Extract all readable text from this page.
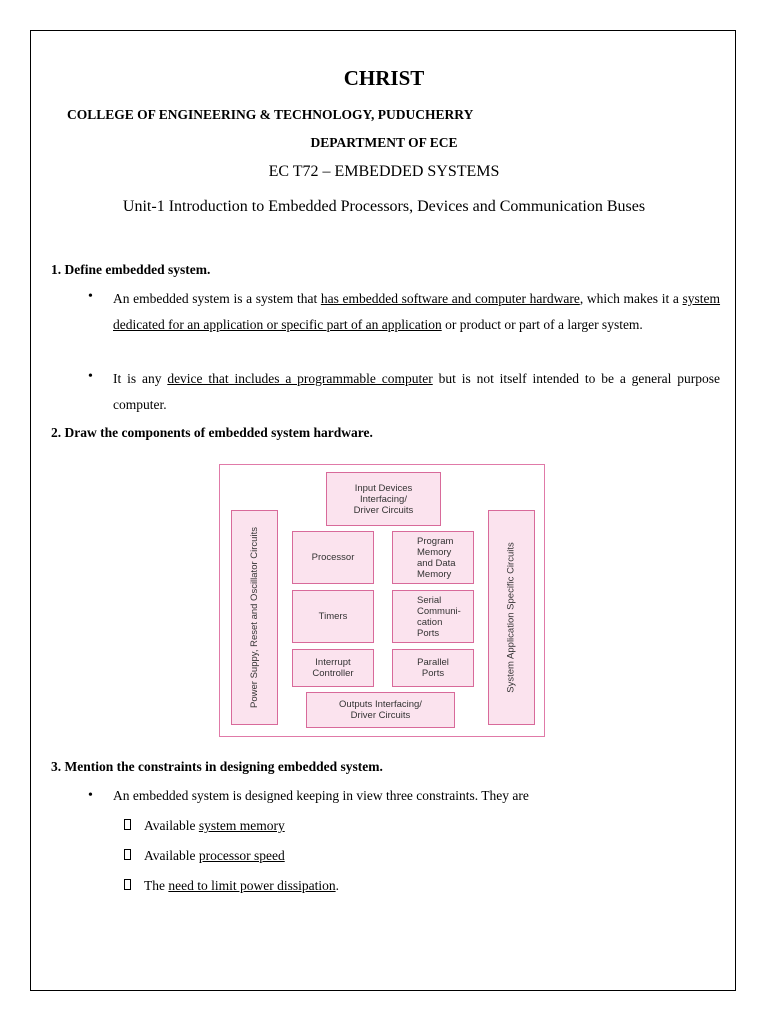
CHRIST
COLLEGE OF ENGINEERING & TECHNOLOGY, PUDUCHERRY
DEPARTMENT OF ECE
EC T72 – EMBEDDED SYSTEMS
Unit-1 Introduction to Embedded Processors, Devices and Communication Buses
1. Define embedded system.
• An embedded system is a system that has embedded software and computer hardware, which makes it a system dedicated for an application or specific part of an application or product or part of a larger system.
• It is any device that includes a programmable computer but is not itself intended to be a general purpose computer.
2. Draw the components of embedded system hardware.
Input Devices
Interfacing/
Driver Circuits
Power Suppy, Reset and Oscillator Circuits	System Application Specific Circuits
Processor
Program
Memory
and Data
Memory
Timers
Serial
Communi-
cation
Ports
Interrupt
Controller
Parallel
Ports
Outputs Interfacing/
Driver Circuits
3. Mention the constraints in designing embedded system.
• An embedded system is designed keeping in view three constraints. They are
Available system memory
Available processor speed
The need to limit power dissipation.
